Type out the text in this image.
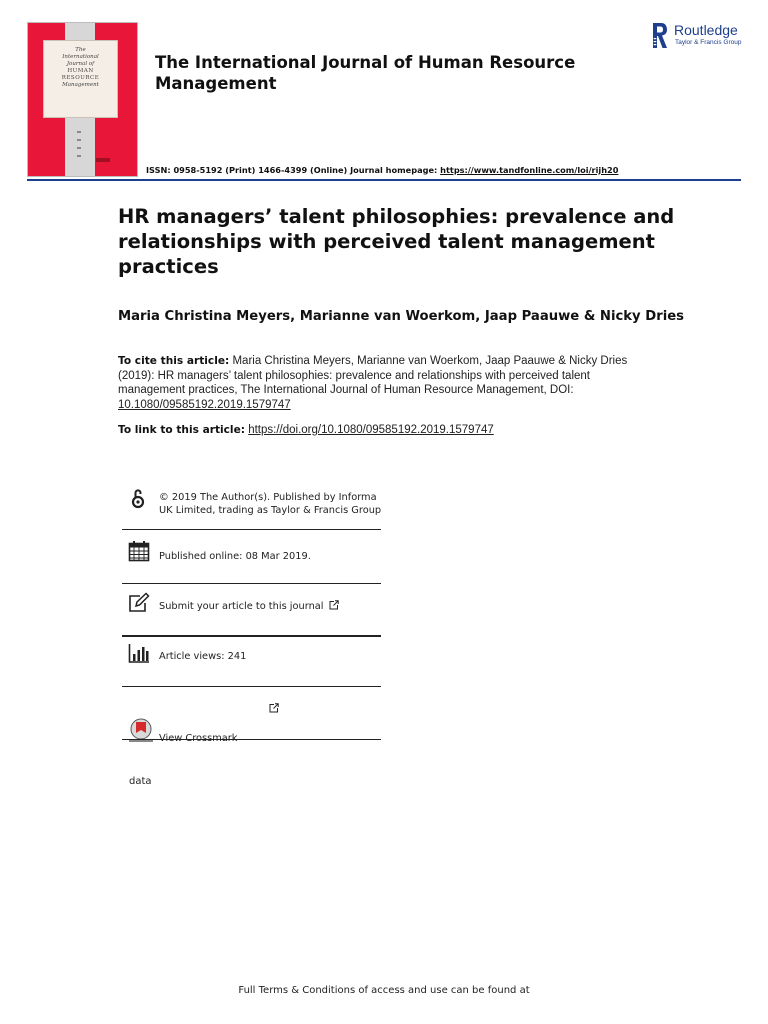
The
International
Journal of
HUMAN
RESOURCE
Management
The International Journal of Human Resource Management
Routledge
Taylor & Francis Group
ISSN: 0958-5192 (Print) 1466-4399 (Online) Journal homepage: https://www.tandfonline.com/loi/rijh20
HR managers’ talent philosophies: prevalence and relationships with perceived talent management practices
Maria Christina Meyers, Marianne van Woerkom, Jaap Paauwe & Nicky Dries
To cite this article: Maria Christina Meyers, Marianne van Woerkom, Jaap Paauwe & Nicky Dries (2019): HR managers’ talent philosophies: prevalence and relationships with perceived talent management practices, The International Journal of Human Resource Management, DOI: 10.1080/09585192.2019.1579747
To link to this article: https://doi.org/10.1080/09585192.2019.1579747
© 2019 The Author(s). Published by Informa UK Limited, trading as Taylor & Francis Group
Published online: 08 Mar 2019.
Submit your article to this journal
Article views: 241
View Crossmark
data
Full Terms & Conditions of access and use can be found at
